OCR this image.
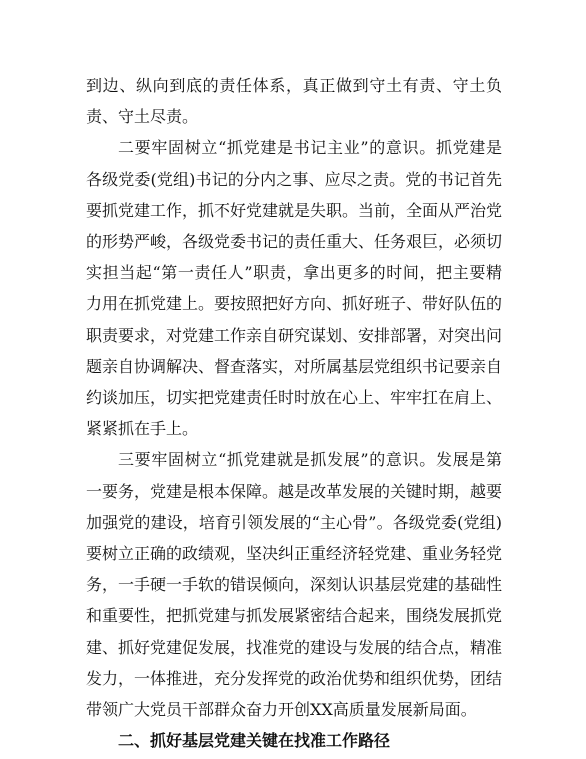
到边、纵向到底的责任体系，真正做到守土有责、守土负责、守土尽责。

二要牢固树立“抓党建是书记主业”的意识。抓党建是各级党委(党组)书记的分内之事、应尽之责。党的书记首先要抓党建工作，抓不好党建就是失职。当前，全面从严治党的形势严峻，各级党委书记的责任重大、任务艰巨，必须切实担当起“第一责任人”职责，拿出更多的时间，把主要精力用在抓党建上。要按照把好方向、抓好班子、带好队伍的职责要求，对党建工作亲自研究谋划、安排部署，对突出问题亲自协调解决、督查落实，对所属基层党组织书记要亲自约谈加压，切实把党建责任时时放在心上、牢牢扛在肩上、紧紧抓在手上。

三要牢固树立“抓党建就是抓发展”的意识。发展是第一要务，党建是根本保障。越是改革发展的关键时期，越要加强党的建设，培育引领发展的“主心骨”。各级党委(党组)要树立正确的政绩观，坚决纠正重经济轻党建、重业务轻党务，一手硬一手软的错误倾向，深刻认识基层党建的基础性和重要性，把抓党建与抓发展紧密结合起来，围绕发展抓党建、抓好党建促发展，找准党的建设与发展的结合点，精准发力，一体推进，充分发挥党的政治优势和组织优势，团结带领广大党员干部群众奋力开创XX高质量发展新局面。

二、抓好基层党建关键在找准工作路径
